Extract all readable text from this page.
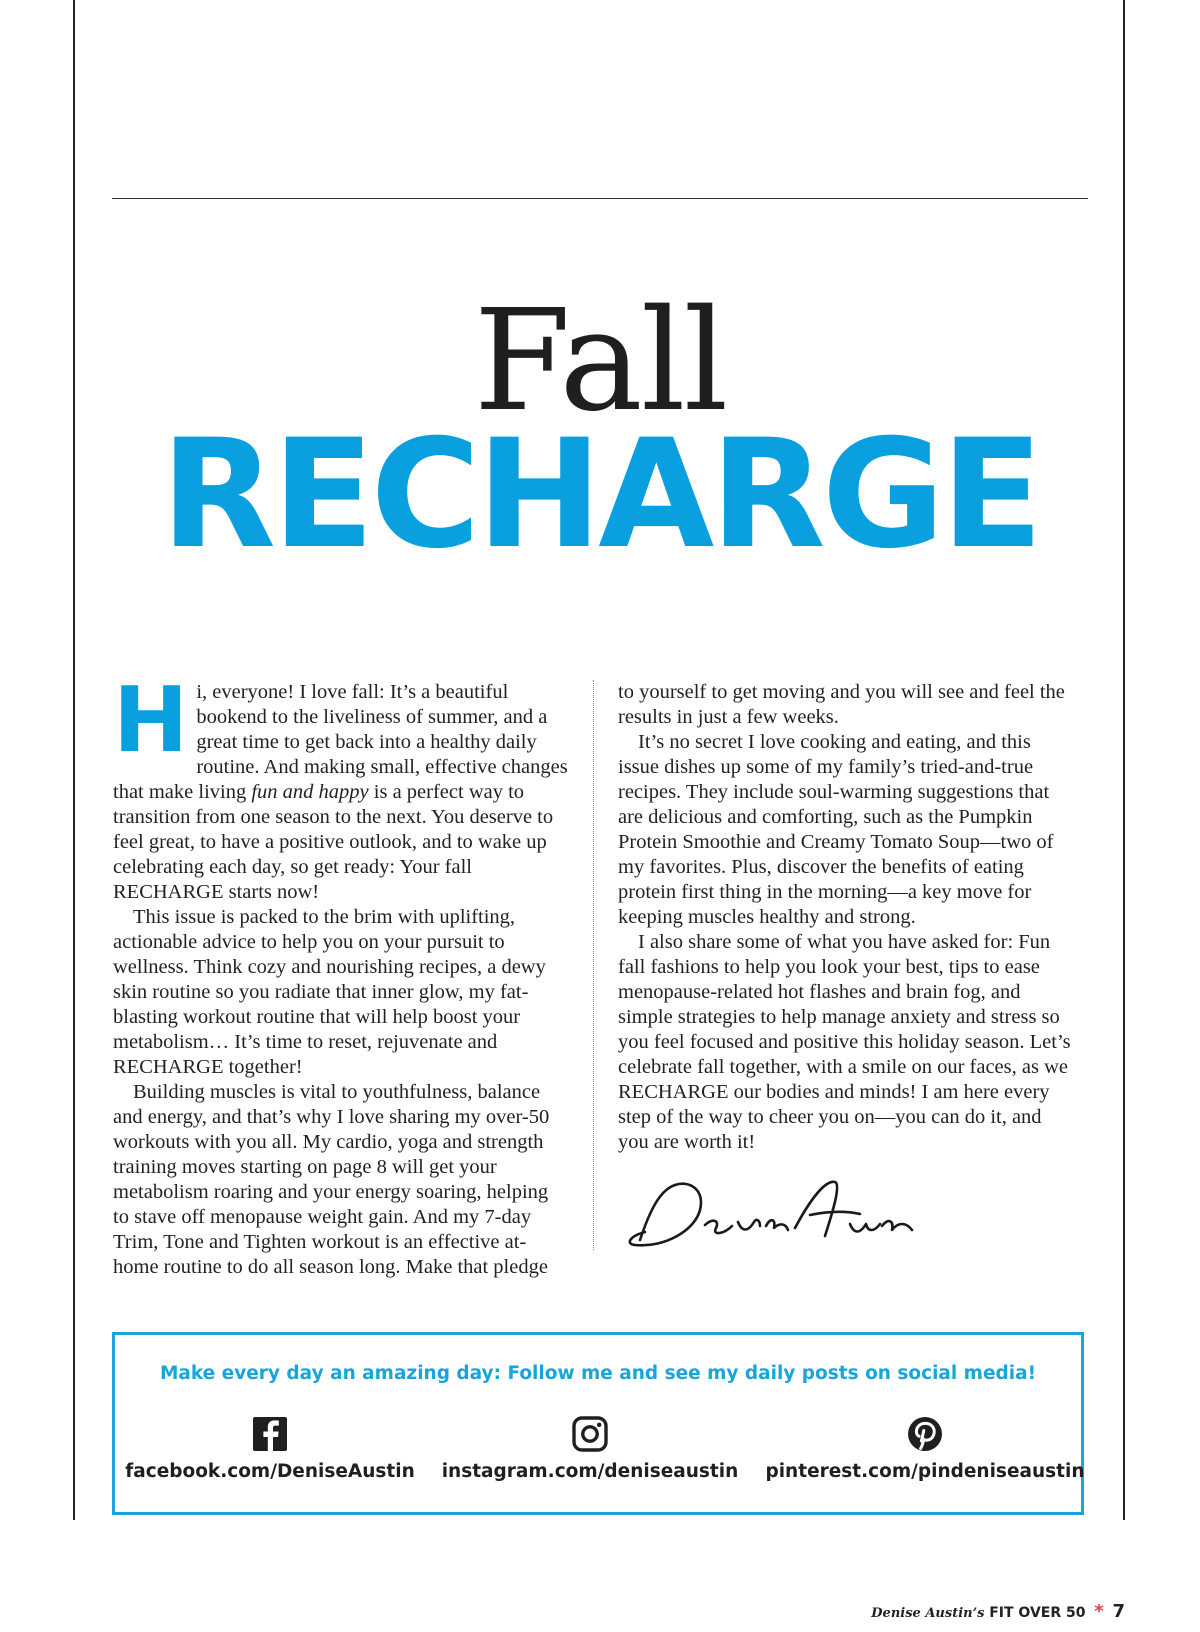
Fall
RECHARGE

Hi, everyone! I love fall: It’s a beautiful bookend to the liveliness of summer, and a great time to get back into a healthy daily routine. And making small, effective changes that make living fun and happy is a perfect way to transition from one season to the next. You deserve to feel great, to have a positive outlook, and to wake up celebrating each day, so get ready: Your fall RECHARGE starts now!

This issue is packed to the brim with uplifting, actionable advice to help you on your pursuit to wellness. Think cozy and nourishing recipes, a dewy skin routine so you radiate that inner glow, my fat-blasting workout routine that will help boost your metabolism… It’s time to reset, rejuvenate and RECHARGE together!

Building muscles is vital to youthfulness, balance and energy, and that’s why I love sharing my over-50 workouts with you all. My cardio, yoga and strength training moves starting on page 8 will get your metabolism roaring and your energy soaring, helping to stave off menopause weight gain. And my 7-day Trim, Tone and Tighten workout is an effective at-home routine to do all season long. Make that pledge

to yourself to get moving and you will see and feel the results in just a few weeks.

It’s no secret I love cooking and eating, and this issue dishes up some of my family’s tried-and-true recipes. They include soul-warming suggestions that are delicious and comforting, such as the Pumpkin Protein Smoothie and Creamy Tomato Soup—two of my favorites. Plus, discover the benefits of eating protein first thing in the morning—a key move for keeping muscles healthy and strong.

I also share some of what you have asked for: Fun fall fashions to help you look your best, tips to ease menopause-related hot flashes and brain fog, and simple strategies to help manage anxiety and stress so you feel focused and positive this holiday season. Let’s celebrate fall together, with a smile on our faces, as we RECHARGE our bodies and minds! I am here every step of the way to cheer you on—you can do it, and you are worth it!

Make every day an amazing day: Follow me and see my daily posts on social media!
facebook.com/DeniseAustin instagram.com/deniseaustin pinterest.com/pindeniseaustin
Denise Austin’s FIT OVER 50 * 7
